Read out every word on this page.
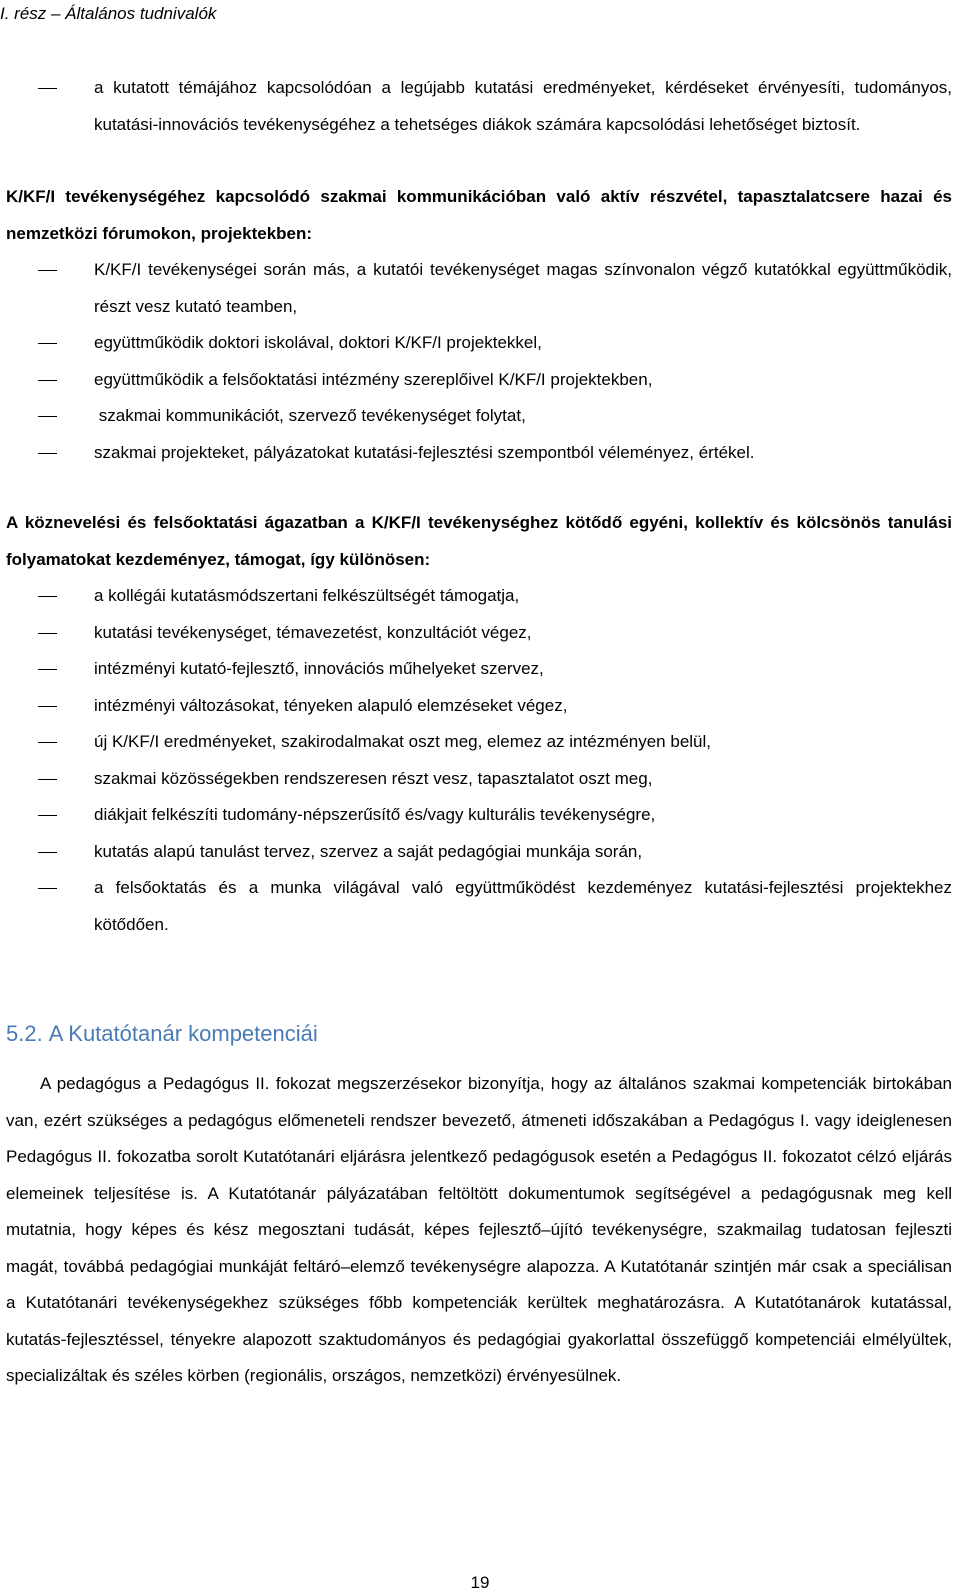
I. rész – Általános tudnivalók

a kutatott témájához kapcsolódóan a legújabb kutatási eredményeket, kérdéseket érvényesíti, tudományos, kutatási-innovációs tevékenységéhez a tehetséges diákok számára kapcsolódási lehetőséget biztosít.

K/KF/I tevékenységéhez kapcsolódó szakmai kommunikációban való aktív részvétel, tapasztalatcsere hazai és nemzetközi fórumokon, projektekben:

K/KF/I tevékenységei során más, a kutatói tevékenységet magas színvonalon végző kutatókkal együttműködik, részt vesz kutató teamben,
együttműködik doktori iskolával, doktori K/KF/I projektekkel,
együttműködik a felsőoktatási intézmény szereplőivel K/KF/I projektekben,
szakmai kommunikációt, szervező tevékenységet folytat,
szakmai projekteket, pályázatokat kutatási-fejlesztési szempontból véleményez, értékel.

A köznevelési és felsőoktatási ágazatban a K/KF/I tevékenységhez kötődő egyéni, kollektív és kölcsönös tanulási folyamatokat kezdeményez, támogat, így különösen:

a kollégái kutatásmódszertani felkészültségét támogatja,
kutatási tevékenységet, témavezetést, konzultációt végez,
intézményi kutató-fejlesztő, innovációs műhelyeket szervez,
intézményi változásokat, tényeken alapuló elemzéseket végez,
új K/KF/I eredményeket, szakirodalmakat oszt meg, elemez az intézményen belül,
szakmai közösségekben rendszeresen részt vesz, tapasztalatot oszt meg,
diákjait felkészíti tudomány-népszerűsítő és/vagy kulturális tevékenységre,
kutatás alapú tanulást tervez, szervez a saját pedagógiai munkája során,
a felsőoktatás és a munka világával való együttműködést kezdeményez kutatási-fejlesztési projektekhez kötődően.
5.2. A Kutatótanár kompetenciái

A pedagógus a Pedagógus II. fokozat megszerzésekor bizonyítja, hogy az általános szakmai kompetenciák birtokában van, ezért szükséges a pedagógus előmeneteli rendszer bevezető, átmeneti időszakában a Pedagógus I. vagy ideiglenesen Pedagógus II. fokozatba sorolt Kutatótanári eljárásra jelentkező pedagógusok esetén a Pedagógus II. fokozatot célzó eljárás elemeinek teljesítése is. A Kutatótanár pályázatában feltöltött dokumentumok segítségével a pedagógusnak meg kell mutatnia, hogy képes és kész megosztani tudását, képes fejlesztő–újító tevékenységre, szakmailag tudatosan fejleszti magát, továbbá pedagógiai munkáját feltáró–elemző tevékenységre alapozza. A Kutatótanár szintjén már csak a speciálisan a Kutatótanári tevékenységekhez szükséges főbb kompetenciák kerültek meghatározásra. A Kutatótanárok kutatással, kutatás-fejlesztéssel, tényekre alapozott szaktudományos és pedagógiai gyakorlattal összefüggő kompetenciái elmélyültek, specializáltak és széles körben (regionális, országos, nemzetközi) érvényesülnek.

19
